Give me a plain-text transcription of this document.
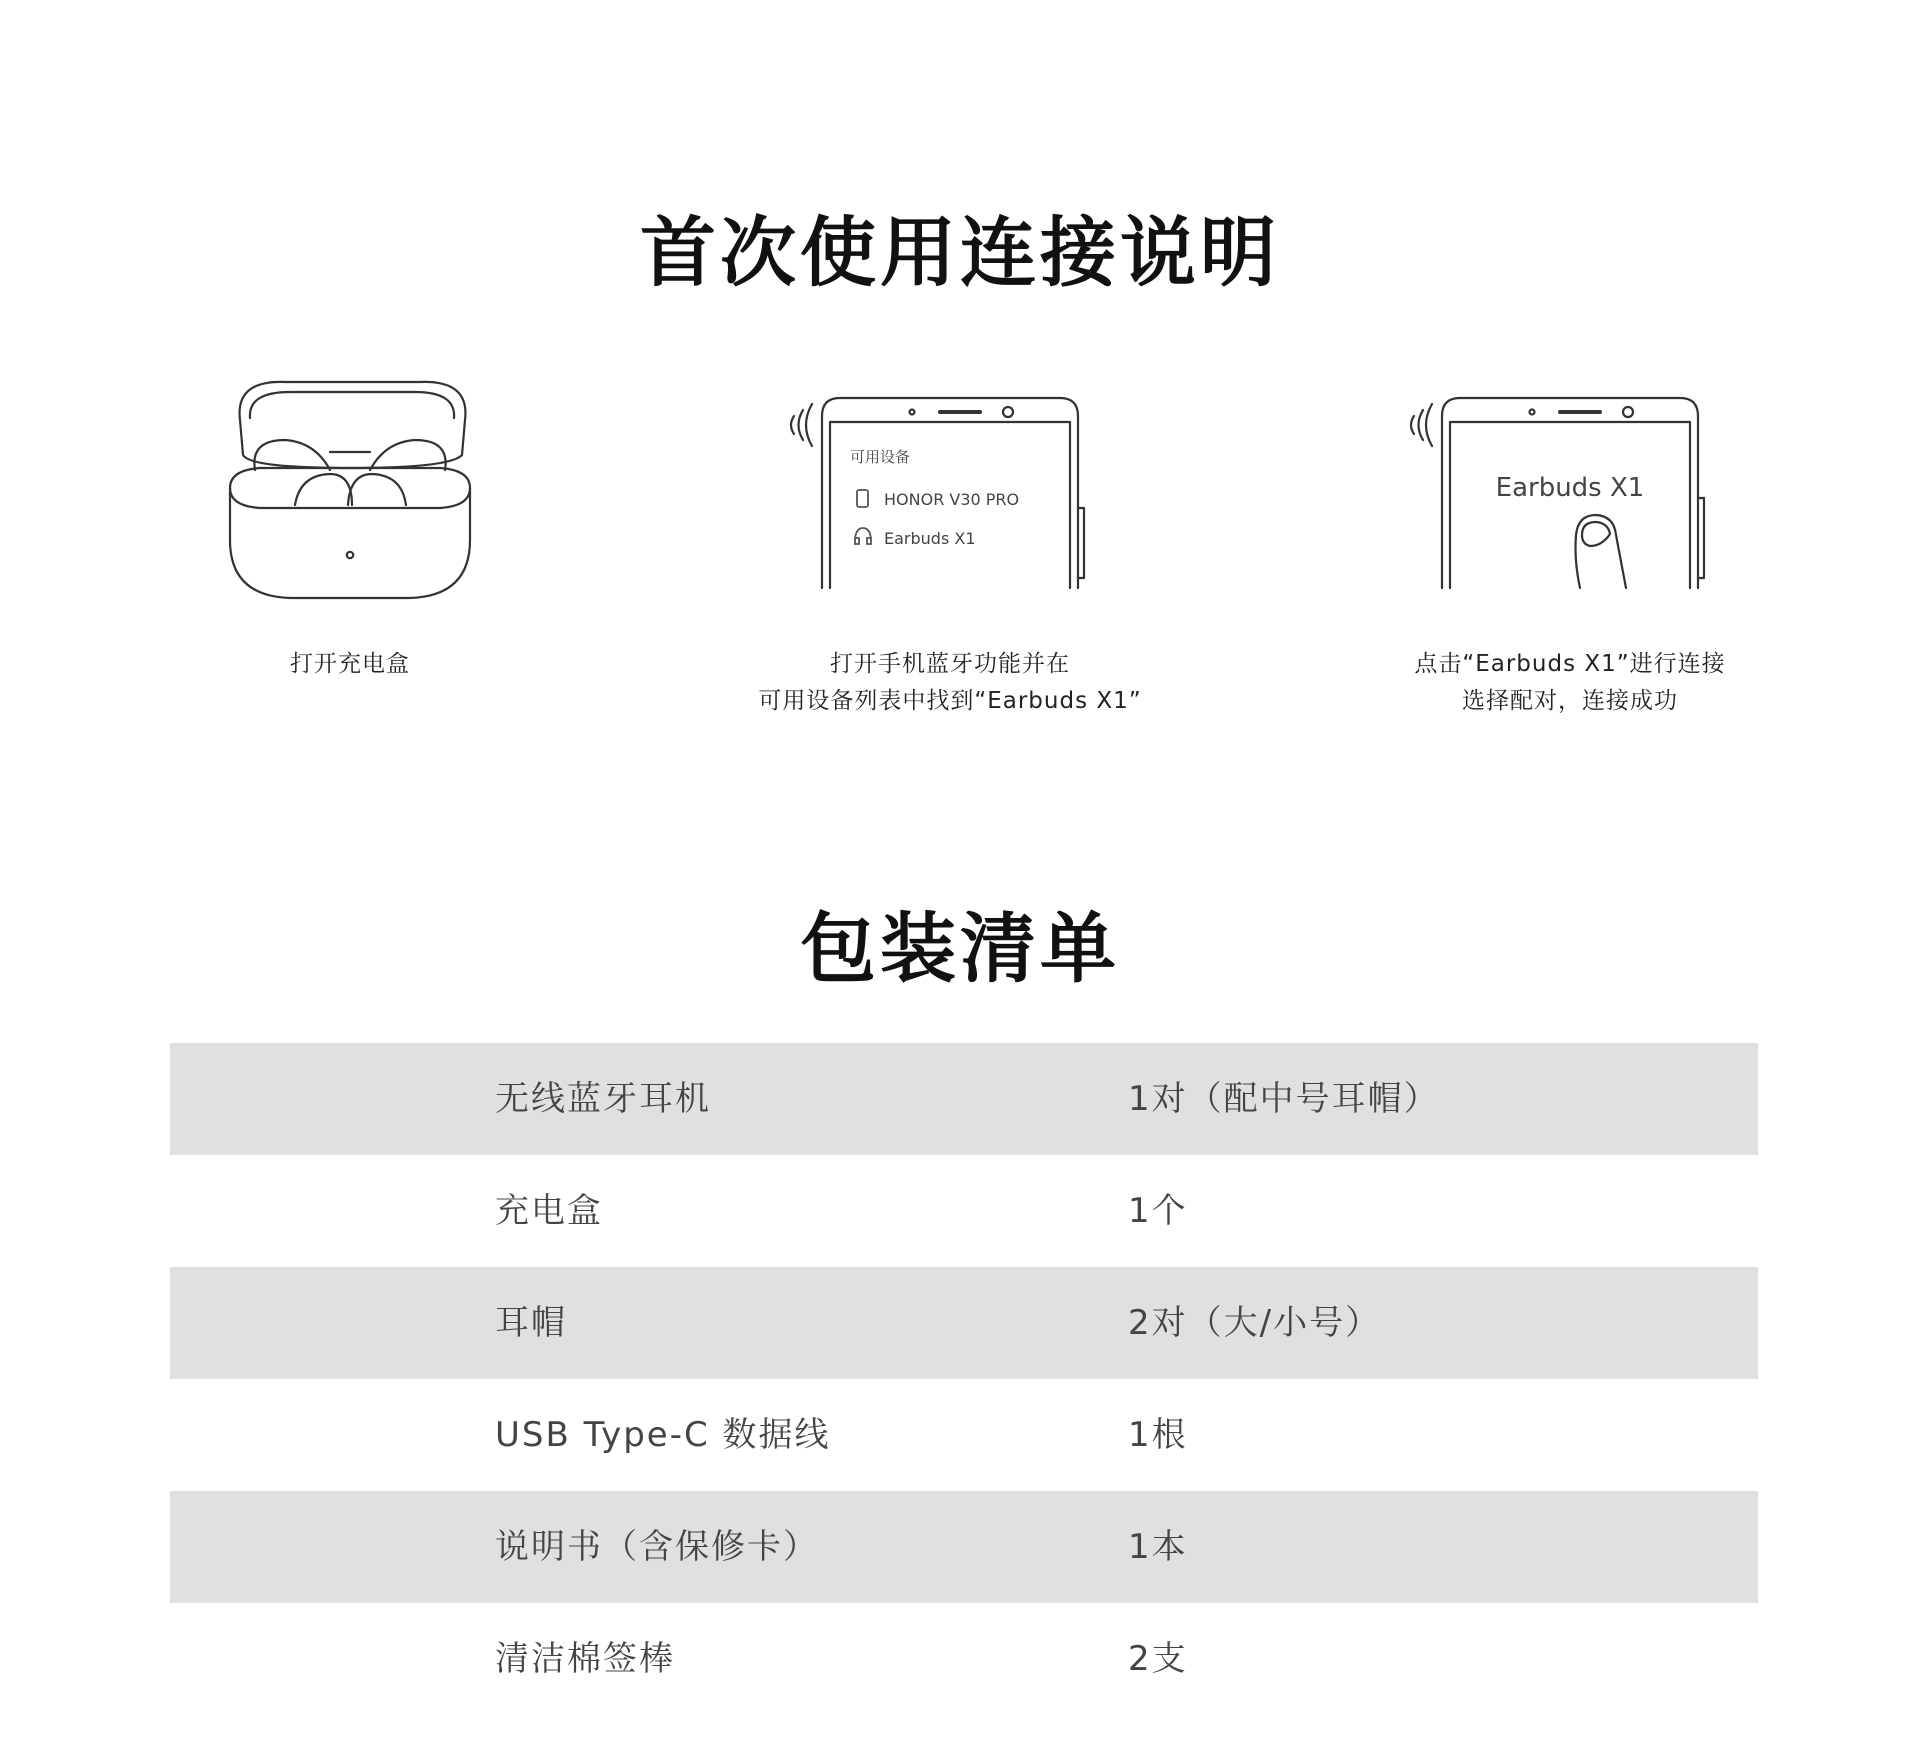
首次使用连接说明
打开充电盒
可用设备
HONOR V30 PRO
Earbuds X1
打开手机蓝牙功能并在
可用设备列表中找到“Earbuds X1”
Earbuds X1
点击“Earbuds X1”进行连接
选择配对，连接成功
包装清单
无线蓝牙耳机	1对（配中号耳帽）
充电盒	1个
耳帽	2对（大/小号）
USB Type-C 数据线	1根
说明书（含保修卡）	1本
清洁棉签棒	2支
